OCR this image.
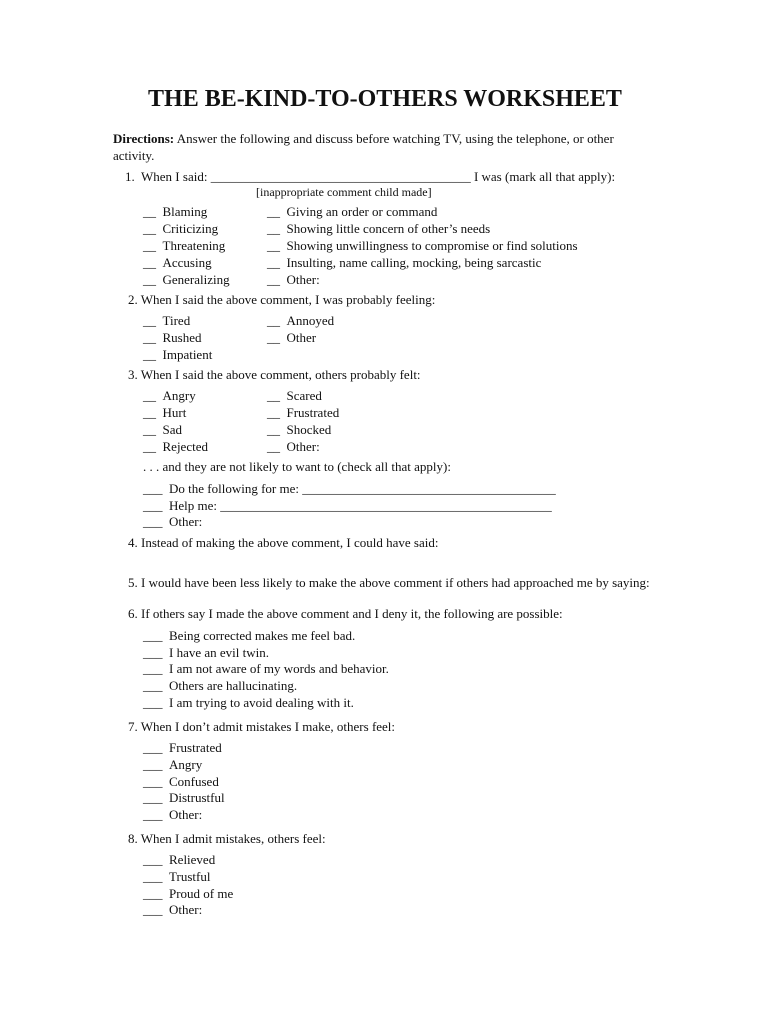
THE BE-KIND-TO-OTHERS WORKSHEET
Directions: Answer the following and discuss before watching TV, using the telephone, or other activity.
1. When I said: ________________________________________ I was (mark all that apply):
[inappropriate comment child made]
2. When I said the above comment, I was probably feeling:
3. When I said the above comment, others probably felt:
. . . and they are not likely to want to (check all that apply):
4. Instead of making the above comment, I could have said:
5. I would have been less likely to make the above comment if others had approached me by saying:
6. If others say I made the above comment and I deny it, the following are possible:
7. When I don’t admit mistakes I make, others feel:
8. When I admit mistakes, others feel:
__ Blaming
__ Criticizing
__ Threatening
__ Accusing
__ Generalizing
__ Giving an order or command
__ Showing little concern of other’s needs
__ Showing unwillingness to compromise or find solutions
__ Insulting, name calling, mocking, being sarcastic
__ Other:
__ Tired
__ Rushed
__ Impatient
__ Annoyed
__ Other
__ Angry
__ Hurt
__ Sad
__ Rejected
__ Scared
__ Frustrated
__ Shocked
__ Other:
___ Do the following for me: _______________________________________
___ Help me: ___________________________________________________
___ Other:
___ Being corrected makes me feel bad.
___ I have an evil twin.
___ I am not aware of my words and behavior.
___ Others are hallucinating.
___ I am trying to avoid dealing with it.
___ Frustrated
___ Angry
___ Confused
___ Distrustful
___ Other:
___ Relieved
___ Trustful
___ Proud of me
___ Other:
